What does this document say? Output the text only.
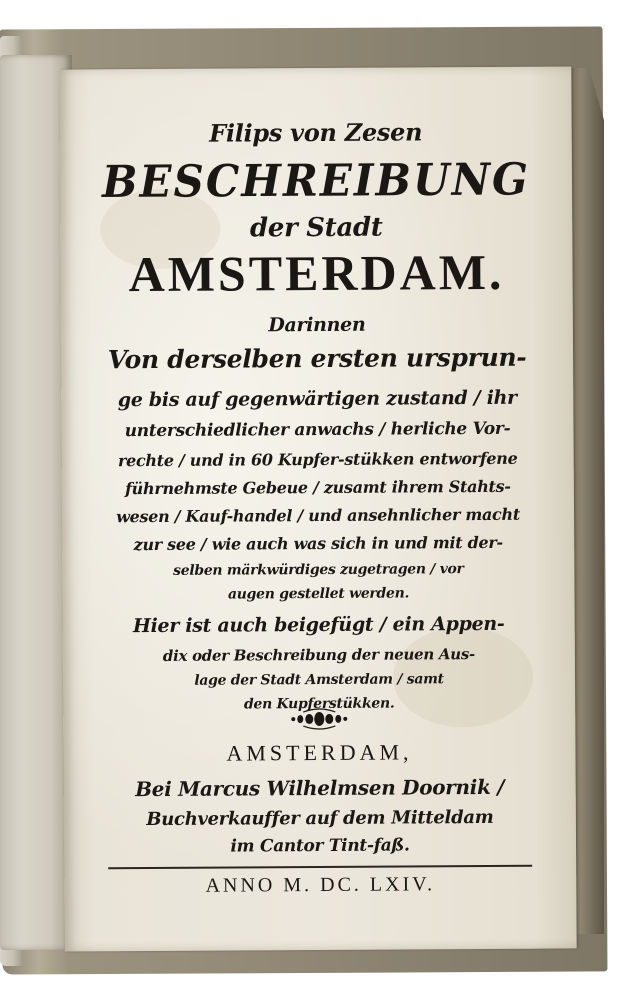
Filips von Zesen
BESCHREIBUNG
der Stadt
AMSTERDAM.
Darinnen
Von derselben ersten ursprun-
ge bis auf gegenwärtigen zustand / ihr
unterschiedlicher anwachs / herliche Vor-
rechte / und in 60 Kupfer-stükken entworfene
führnehmste Gebeue / zusamt ihrem Stahts-
wesen / Kauf-handel / und ansehnlicher macht
zur see / wie auch was sich in und mit der-
selben märkwürdiges zugetragen / vor
augen gestellet werden.
Hier ist auch beigefügt / ein Appen-
dix oder Beschreibung der neuen Aus-
lage der Stadt Amsterdam / samt
den Kupferstükken.
AMSTERDAM,
Bei Marcus Wilhelmsen Doornik /
Buchverkauffer auf dem Mitteldam
im Cantor Tint-faß.
ANNO M. DC. LXIV.
